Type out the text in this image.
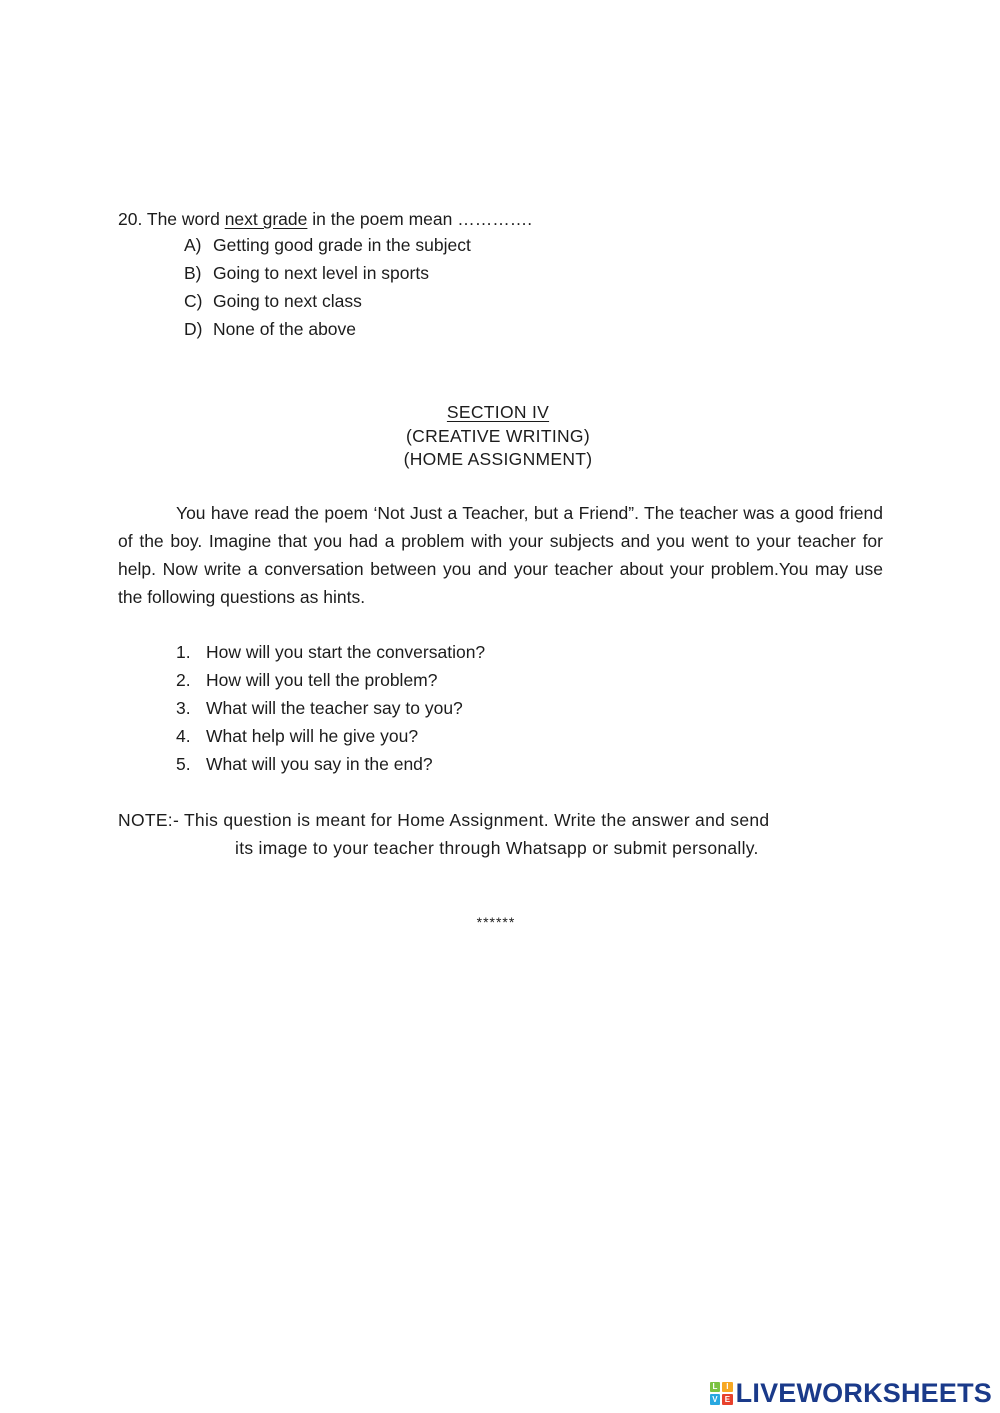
20. The word next grade in the poem mean ………….
A) Getting good grade in the subject
B) Going to next level in sports
C) Going to next class
D) None of the above
SECTION IV
(CREATIVE WRITING)
(HOME ASSIGNMENT)

You have read the poem ‘Not Just a Teacher, but a Friend”. The teacher was a good friend of the boy. Imagine that you had a problem with your subjects and you went to your teacher for help. Now write a conversation between you and your teacher about your problem.You may use the following questions as hints.

1. How will you start the conversation?
2. How will you tell the problem?
3. What will the teacher say to you?
4. What help will he give you?
5. What will you say in the end?
NOTE:- This question is meant for Home Assignment. Write the answer and send
its image to your teacher through Whatsapp or submit personally.
******
L	I
V E LIVEWORKSHEETS
